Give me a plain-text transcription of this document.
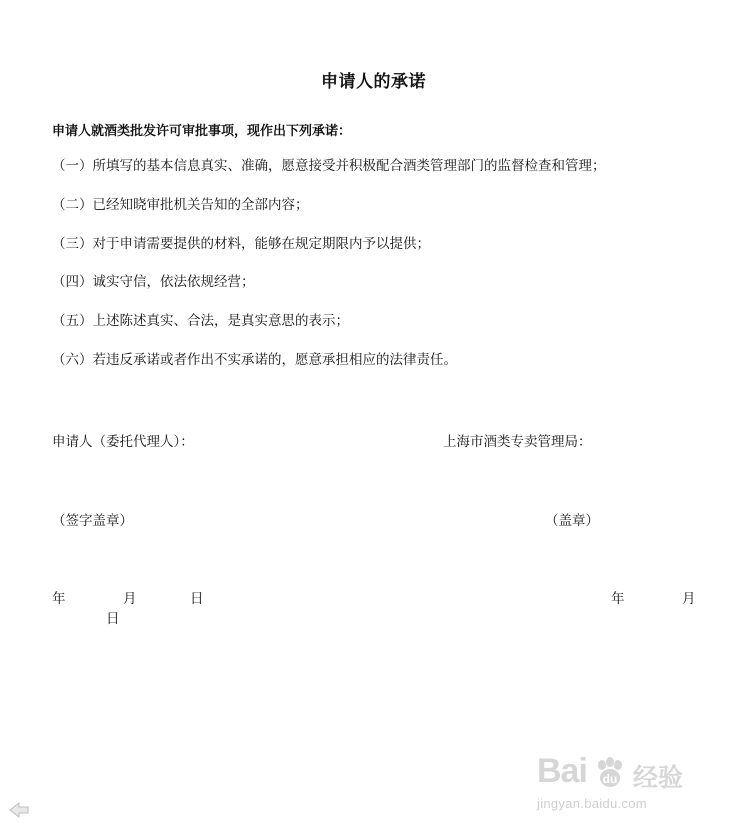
申请人的承诺
申请人就酒类批发许可审批事项，现作出下列承诺：
（一）所填写的基本信息真实、准确，愿意接受并积极配合酒类管理部门的监督检查和管理；
（二）已经知晓审批机关告知的全部内容；
（三）对于申请需要提供的材料，能够在规定期限内予以提供；
（四）诚实守信，依法依规经营；
（五）上述陈述真实、合法，是真实意思的表示；
（六）若违反承诺或者作出不实承诺的，愿意承担相应的法律责任。
申请人（委托代理人）：	上海市酒类专卖管理局：
（签字盖章）	（盖章）
年	月	日	年	月
日
Bai du 经验
jingyan.baidu.com
